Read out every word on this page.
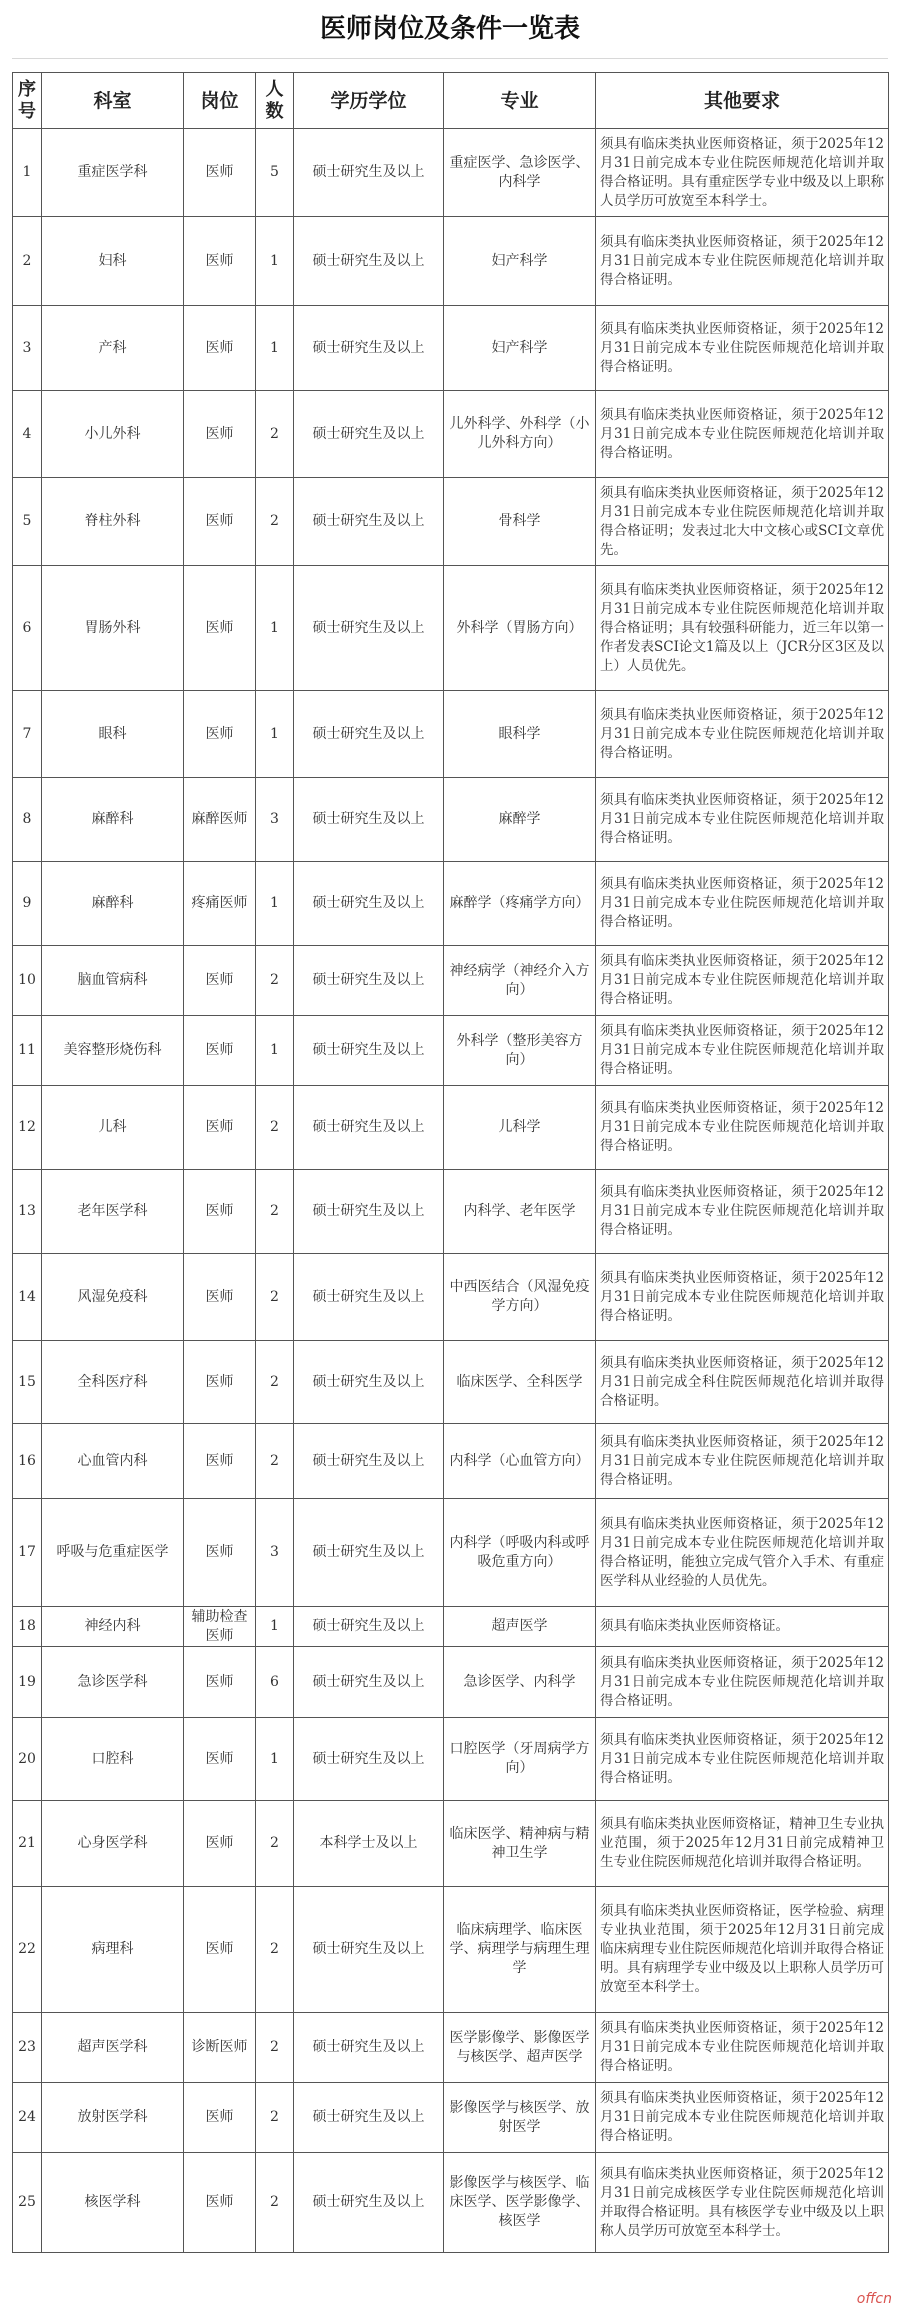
医师岗位及条件一览表
序号	科室	岗位	人数	学历学位	专业	其他要求
1	重症医学科	医师	5	硕士研究生及以上	重症医学、急诊医学、内科学	须具有临床类执业医师资格证，须于2025年12月31日前完成本专业住院医师规范化培训并取得合格证明。具有重症医学专业中级及以上职称人员学历可放宽至本科学士。
2	妇科	医师	1	硕士研究生及以上	妇产科学	须具有临床类执业医师资格证，须于2025年12月31日前完成本专业住院医师规范化培训并取得合格证明。
3	产科	医师	1	硕士研究生及以上	妇产科学	须具有临床类执业医师资格证，须于2025年12月31日前完成本专业住院医师规范化培训并取得合格证明。
4	小儿外科	医师	2	硕士研究生及以上	儿外科学、外科学（小儿外科方向）	须具有临床类执业医师资格证，须于2025年12月31日前完成本专业住院医师规范化培训并取得合格证明。
5	脊柱外科	医师	2	硕士研究生及以上	骨科学	须具有临床类执业医师资格证，须于2025年12月31日前完成本专业住院医师规范化培训并取得合格证明；发表过北大中文核心或SCI文章优先。
6	胃肠外科	医师	1	硕士研究生及以上	外科学（胃肠方向）	须具有临床类执业医师资格证，须于2025年12月31日前完成本专业住院医师规范化培训并取得合格证明；具有较强科研能力，近三年以第一作者发表SCI论文1篇及以上（JCR分区3区及以上）人员优先。
7	眼科	医师	1	硕士研究生及以上	眼科学	须具有临床类执业医师资格证，须于2025年12月31日前完成本专业住院医师规范化培训并取得合格证明。
8	麻醉科	麻醉医师	3	硕士研究生及以上	麻醉学	须具有临床类执业医师资格证，须于2025年12月31日前完成本专业住院医师规范化培训并取得合格证明。
9	麻醉科	疼痛医师	1	硕士研究生及以上	麻醉学（疼痛学方向）	须具有临床类执业医师资格证，须于2025年12月31日前完成本专业住院医师规范化培训并取得合格证明。
10	脑血管病科	医师	2	硕士研究生及以上	神经病学（神经介入方向）	须具有临床类执业医师资格证，须于2025年12月31日前完成本专业住院医师规范化培训并取得合格证明。
11	美容整形烧伤科	医师	1	硕士研究生及以上	外科学（整形美容方向）	须具有临床类执业医师资格证，须于2025年12月31日前完成本专业住院医师规范化培训并取得合格证明。
12	儿科	医师	2	硕士研究生及以上	儿科学	须具有临床类执业医师资格证，须于2025年12月31日前完成本专业住院医师规范化培训并取得合格证明。
13	老年医学科	医师	2	硕士研究生及以上	内科学、老年医学	须具有临床类执业医师资格证，须于2025年12月31日前完成本专业住院医师规范化培训并取得合格证明。
14	风湿免疫科	医师	2	硕士研究生及以上	中西医结合（风湿免疫学方向）	须具有临床类执业医师资格证，须于2025年12月31日前完成本专业住院医师规范化培训并取得合格证明。
15	全科医疗科	医师	2	硕士研究生及以上	临床医学、全科医学	须具有临床类执业医师资格证，须于2025年12月31日前完成全科住院医师规范化培训并取得合格证明。
16	心血管内科	医师	2	硕士研究生及以上	内科学（心血管方向）	须具有临床类执业医师资格证，须于2025年12月31日前完成本专业住院医师规范化培训并取得合格证明。
17	呼吸与危重症医学	医师	3	硕士研究生及以上	内科学（呼吸内科或呼吸危重方向）	须具有临床类执业医师资格证，须于2025年12月31日前完成本专业住院医师规范化培训并取得合格证明，能独立完成气管介入手术、有重症医学科从业经验的人员优先。
18	神经内科	辅助检查医师	1	硕士研究生及以上	超声医学	须具有临床类执业医师资格证。
19	急诊医学科	医师	6	硕士研究生及以上	急诊医学、内科学	须具有临床类执业医师资格证，须于2025年12月31日前完成本专业住院医师规范化培训并取得合格证明。
20	口腔科	医师	1	硕士研究生及以上	口腔医学（牙周病学方向）	须具有临床类执业医师资格证，须于2025年12月31日前完成本专业住院医师规范化培训并取得合格证明。
21	心身医学科	医师	2	本科学士及以上	临床医学、精神病与精神卫生学	须具有临床类执业医师资格证，精神卫生专业执业范围，须于2025年12月31日前完成精神卫生专业住院医师规范化培训并取得合格证明。
22	病理科	医师	2	硕士研究生及以上	临床病理学、临床医学、病理学与病理生理学	须具有临床类执业医师资格证，医学检验、病理专业执业范围，须于2025年12月31日前完成临床病理专业住院医师规范化培训并取得合格证明。具有病理学专业中级及以上职称人员学历可放宽至本科学士。
23	超声医学科	诊断医师	2	硕士研究生及以上	医学影像学、影像医学与核医学、超声医学	须具有临床类执业医师资格证，须于2025年12月31日前完成本专业住院医师规范化培训并取得合格证明。
24	放射医学科	医师	2	硕士研究生及以上	影像医学与核医学、放射医学	须具有临床类执业医师资格证，须于2025年12月31日前完成本专业住院医师规范化培训并取得合格证明。
25	核医学科	医师	2	硕士研究生及以上	影像医学与核医学、临床医学、医学影像学、核医学	须具有临床类执业医师资格证，须于2025年12月31日前完成核医学专业住院医师规范化培训并取得合格证明。具有核医学专业中级及以上职称人员学历可放宽至本科学士。
offcn
